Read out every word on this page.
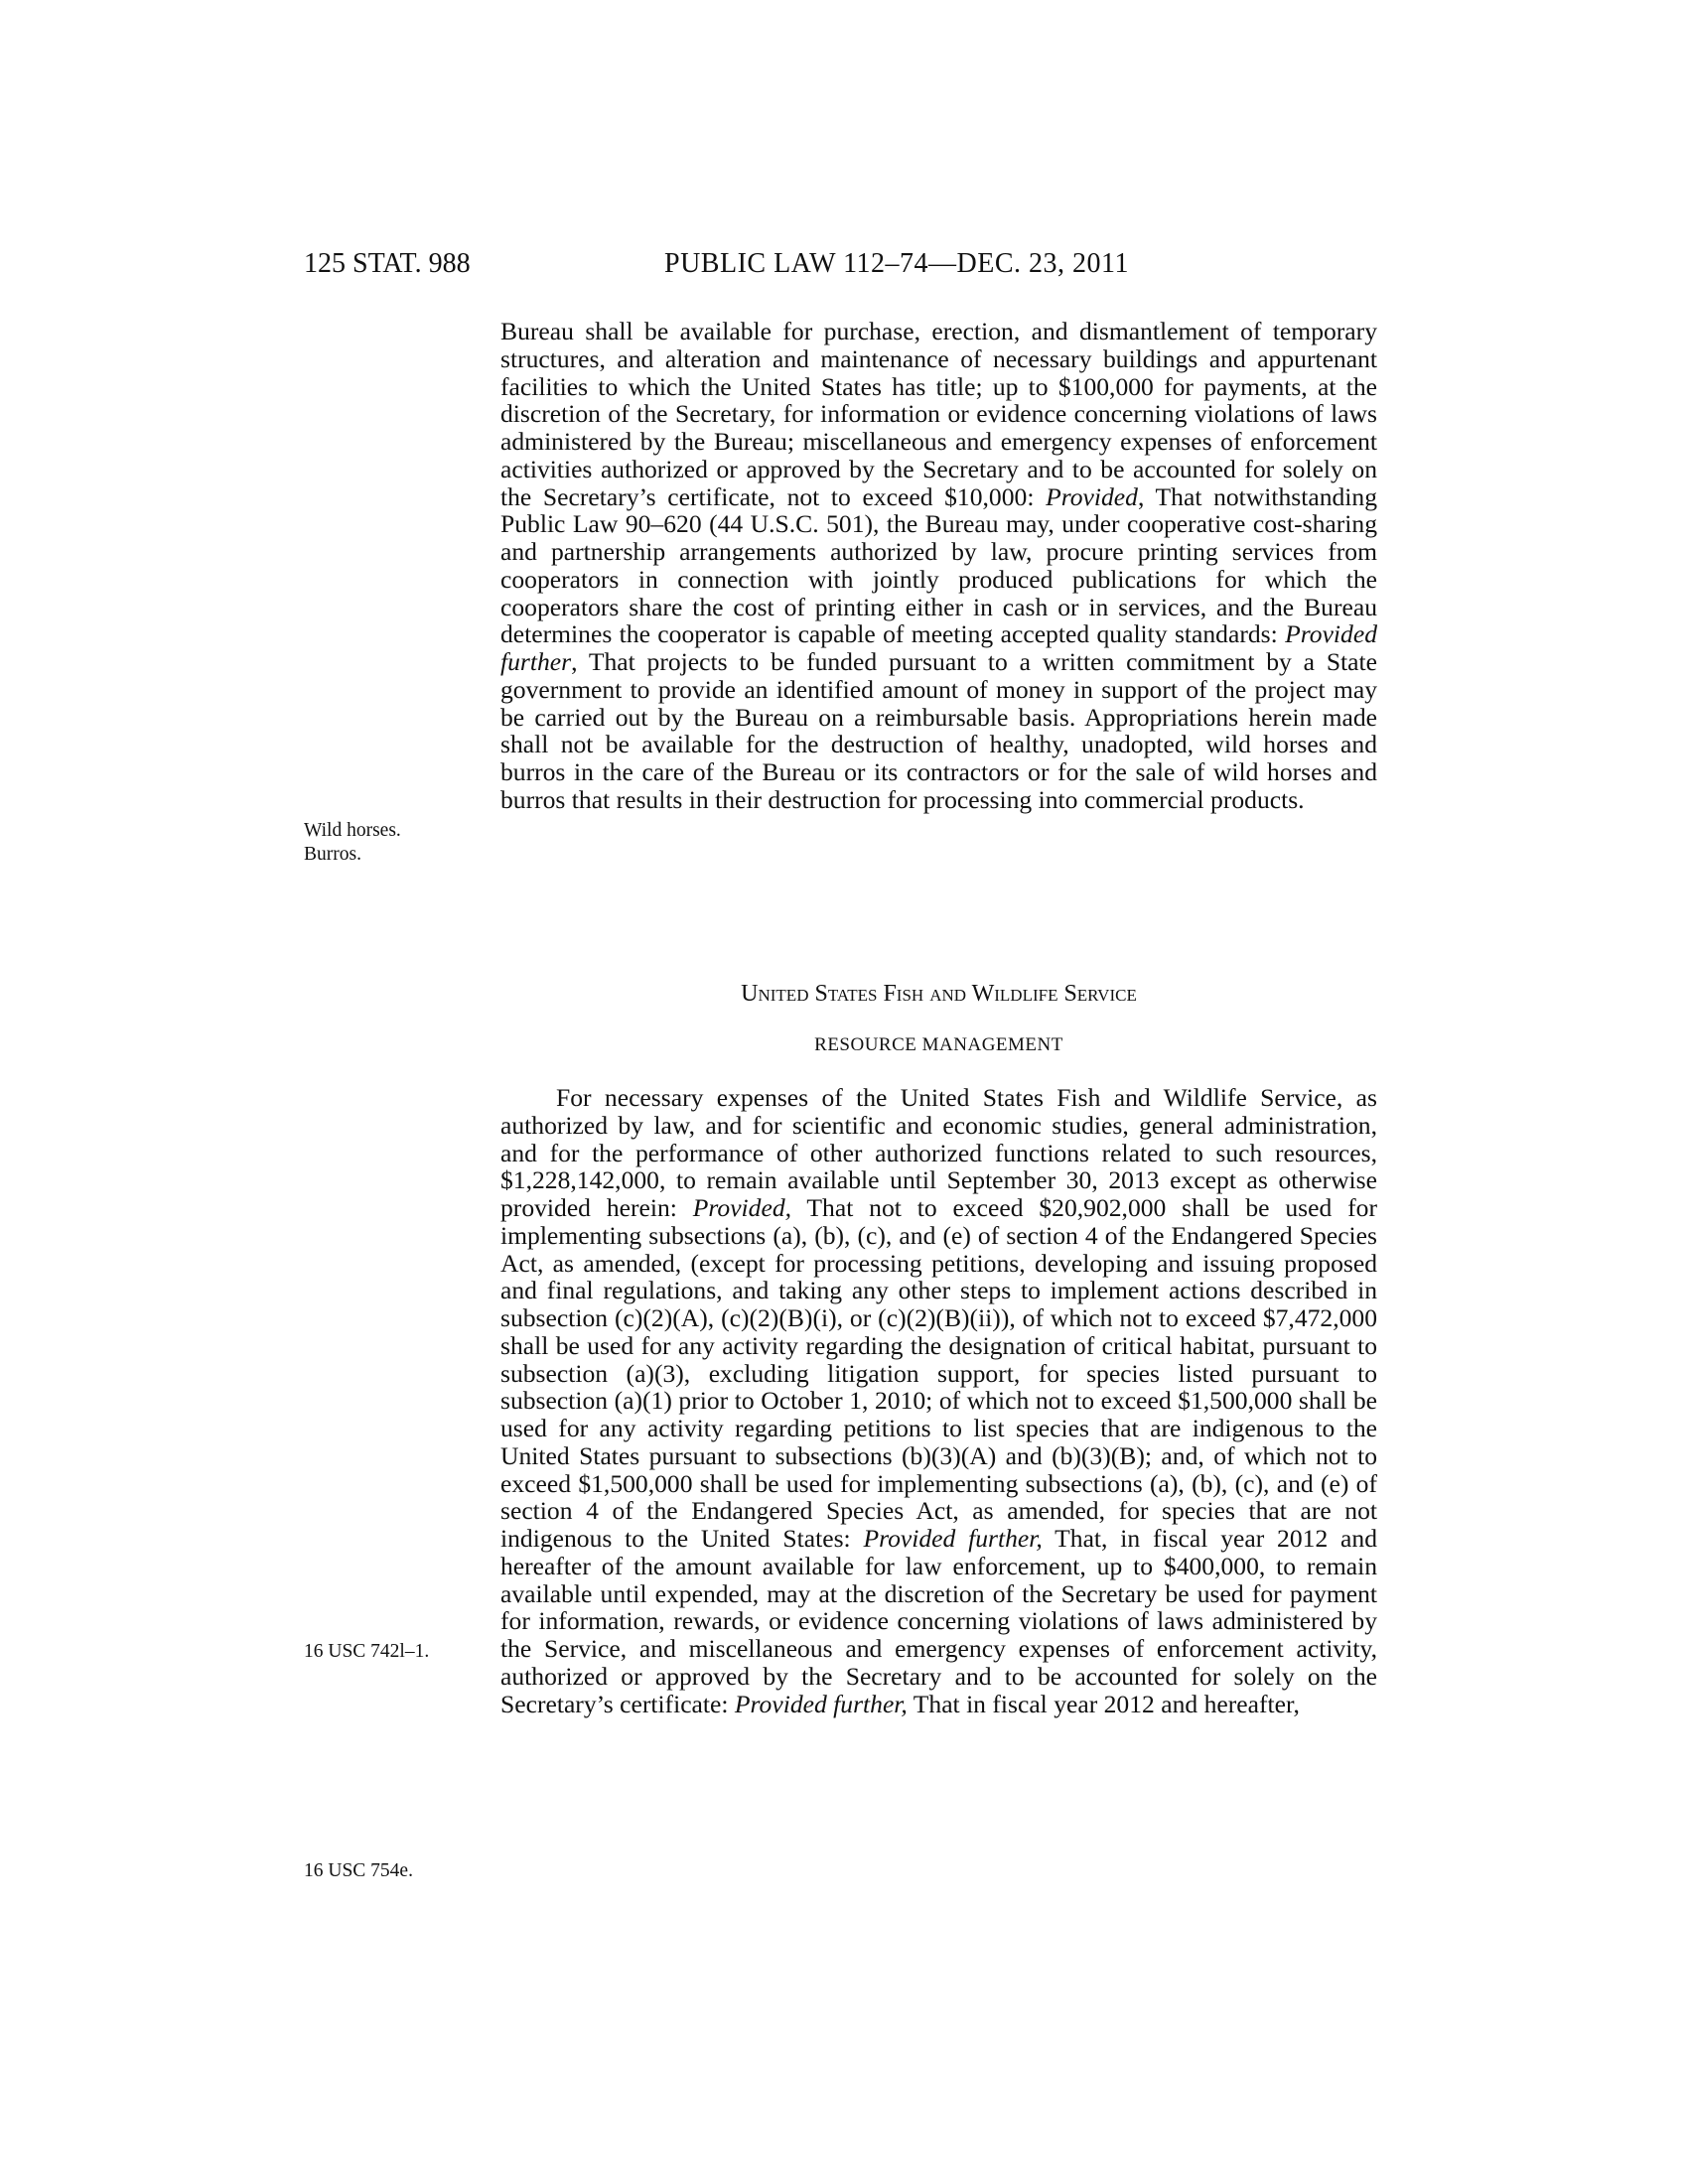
125 STAT. 988	PUBLIC LAW 112–74—DEC. 23, 2011
Wild horses.
Burros.
16 USC 742l–1.
16 USC 754e.
Bureau shall be available for purchase, erection, and dismantlement of temporary structures, and alteration and maintenance of necessary buildings and appurtenant facilities to which the United States has title; up to $100,000 for payments, at the discretion of the Secretary, for information or evidence concerning violations of laws administered by the Bureau; miscellaneous and emergency expenses of enforcement activities authorized or approved by the Secretary and to be accounted for solely on the Secretary’s certificate, not to exceed $10,000: Provided, That notwithstanding Public Law 90–620 (44 U.S.C. 501), the Bureau may, under cooperative cost-sharing and partnership arrangements authorized by law, procure printing services from cooperators in connection with jointly produced publications for which the cooperators share the cost of printing either in cash or in services, and the Bureau determines the cooperator is capable of meeting accepted quality standards: Provided further, That projects to be funded pursuant to a written commitment by a State government to provide an identified amount of money in support of the project may be carried out by the Bureau on a reimbursable basis. Appropriations herein made shall not be available for the destruction of healthy, unadopted, wild horses and burros in the care of the Bureau or its contractors or for the sale of wild horses and burros that results in their destruction for processing into commercial products.
United States Fish and Wildlife Service
RESOURCE MANAGEMENT
For necessary expenses of the United States Fish and Wildlife Service, as authorized by law, and for scientific and economic studies, general administration, and for the performance of other authorized functions related to such resources, $1,228,142,000, to remain available until September 30, 2013 except as otherwise provided herein: Provided, That not to exceed $20,902,000 shall be used for implementing subsections (a), (b), (c), and (e) of section 4 of the Endangered Species Act, as amended, (except for processing petitions, developing and issuing proposed and final regulations, and taking any other steps to implement actions described in subsection (c)(2)(A), (c)(2)(B)(i), or (c)(2)(B)(ii)), of which not to exceed $7,472,000 shall be used for any activity regarding the designation of critical habitat, pursuant to subsection (a)(3), excluding litigation support, for species listed pursuant to subsection (a)(1) prior to October 1, 2010; of which not to exceed $1,500,000 shall be used for any activity regarding petitions to list species that are indigenous to the United States pursuant to subsections (b)(3)(A) and (b)(3)(B); and, of which not to exceed $1,500,000 shall be used for implementing subsections (a), (b), (c), and (e) of section 4 of the Endangered Species Act, as amended, for species that are not indigenous to the United States: Provided further, That, in fiscal year 2012 and hereafter of the amount available for law enforcement, up to $400,000, to remain available until expended, may at the discretion of the Secretary be used for payment for information, rewards, or evidence concerning violations of laws administered by the Service, and miscellaneous and emergency expenses of enforcement activity, authorized or approved by the Secretary and to be accounted for solely on the Secretary’s certificate: Provided further, That in fiscal year 2012 and hereafter,
